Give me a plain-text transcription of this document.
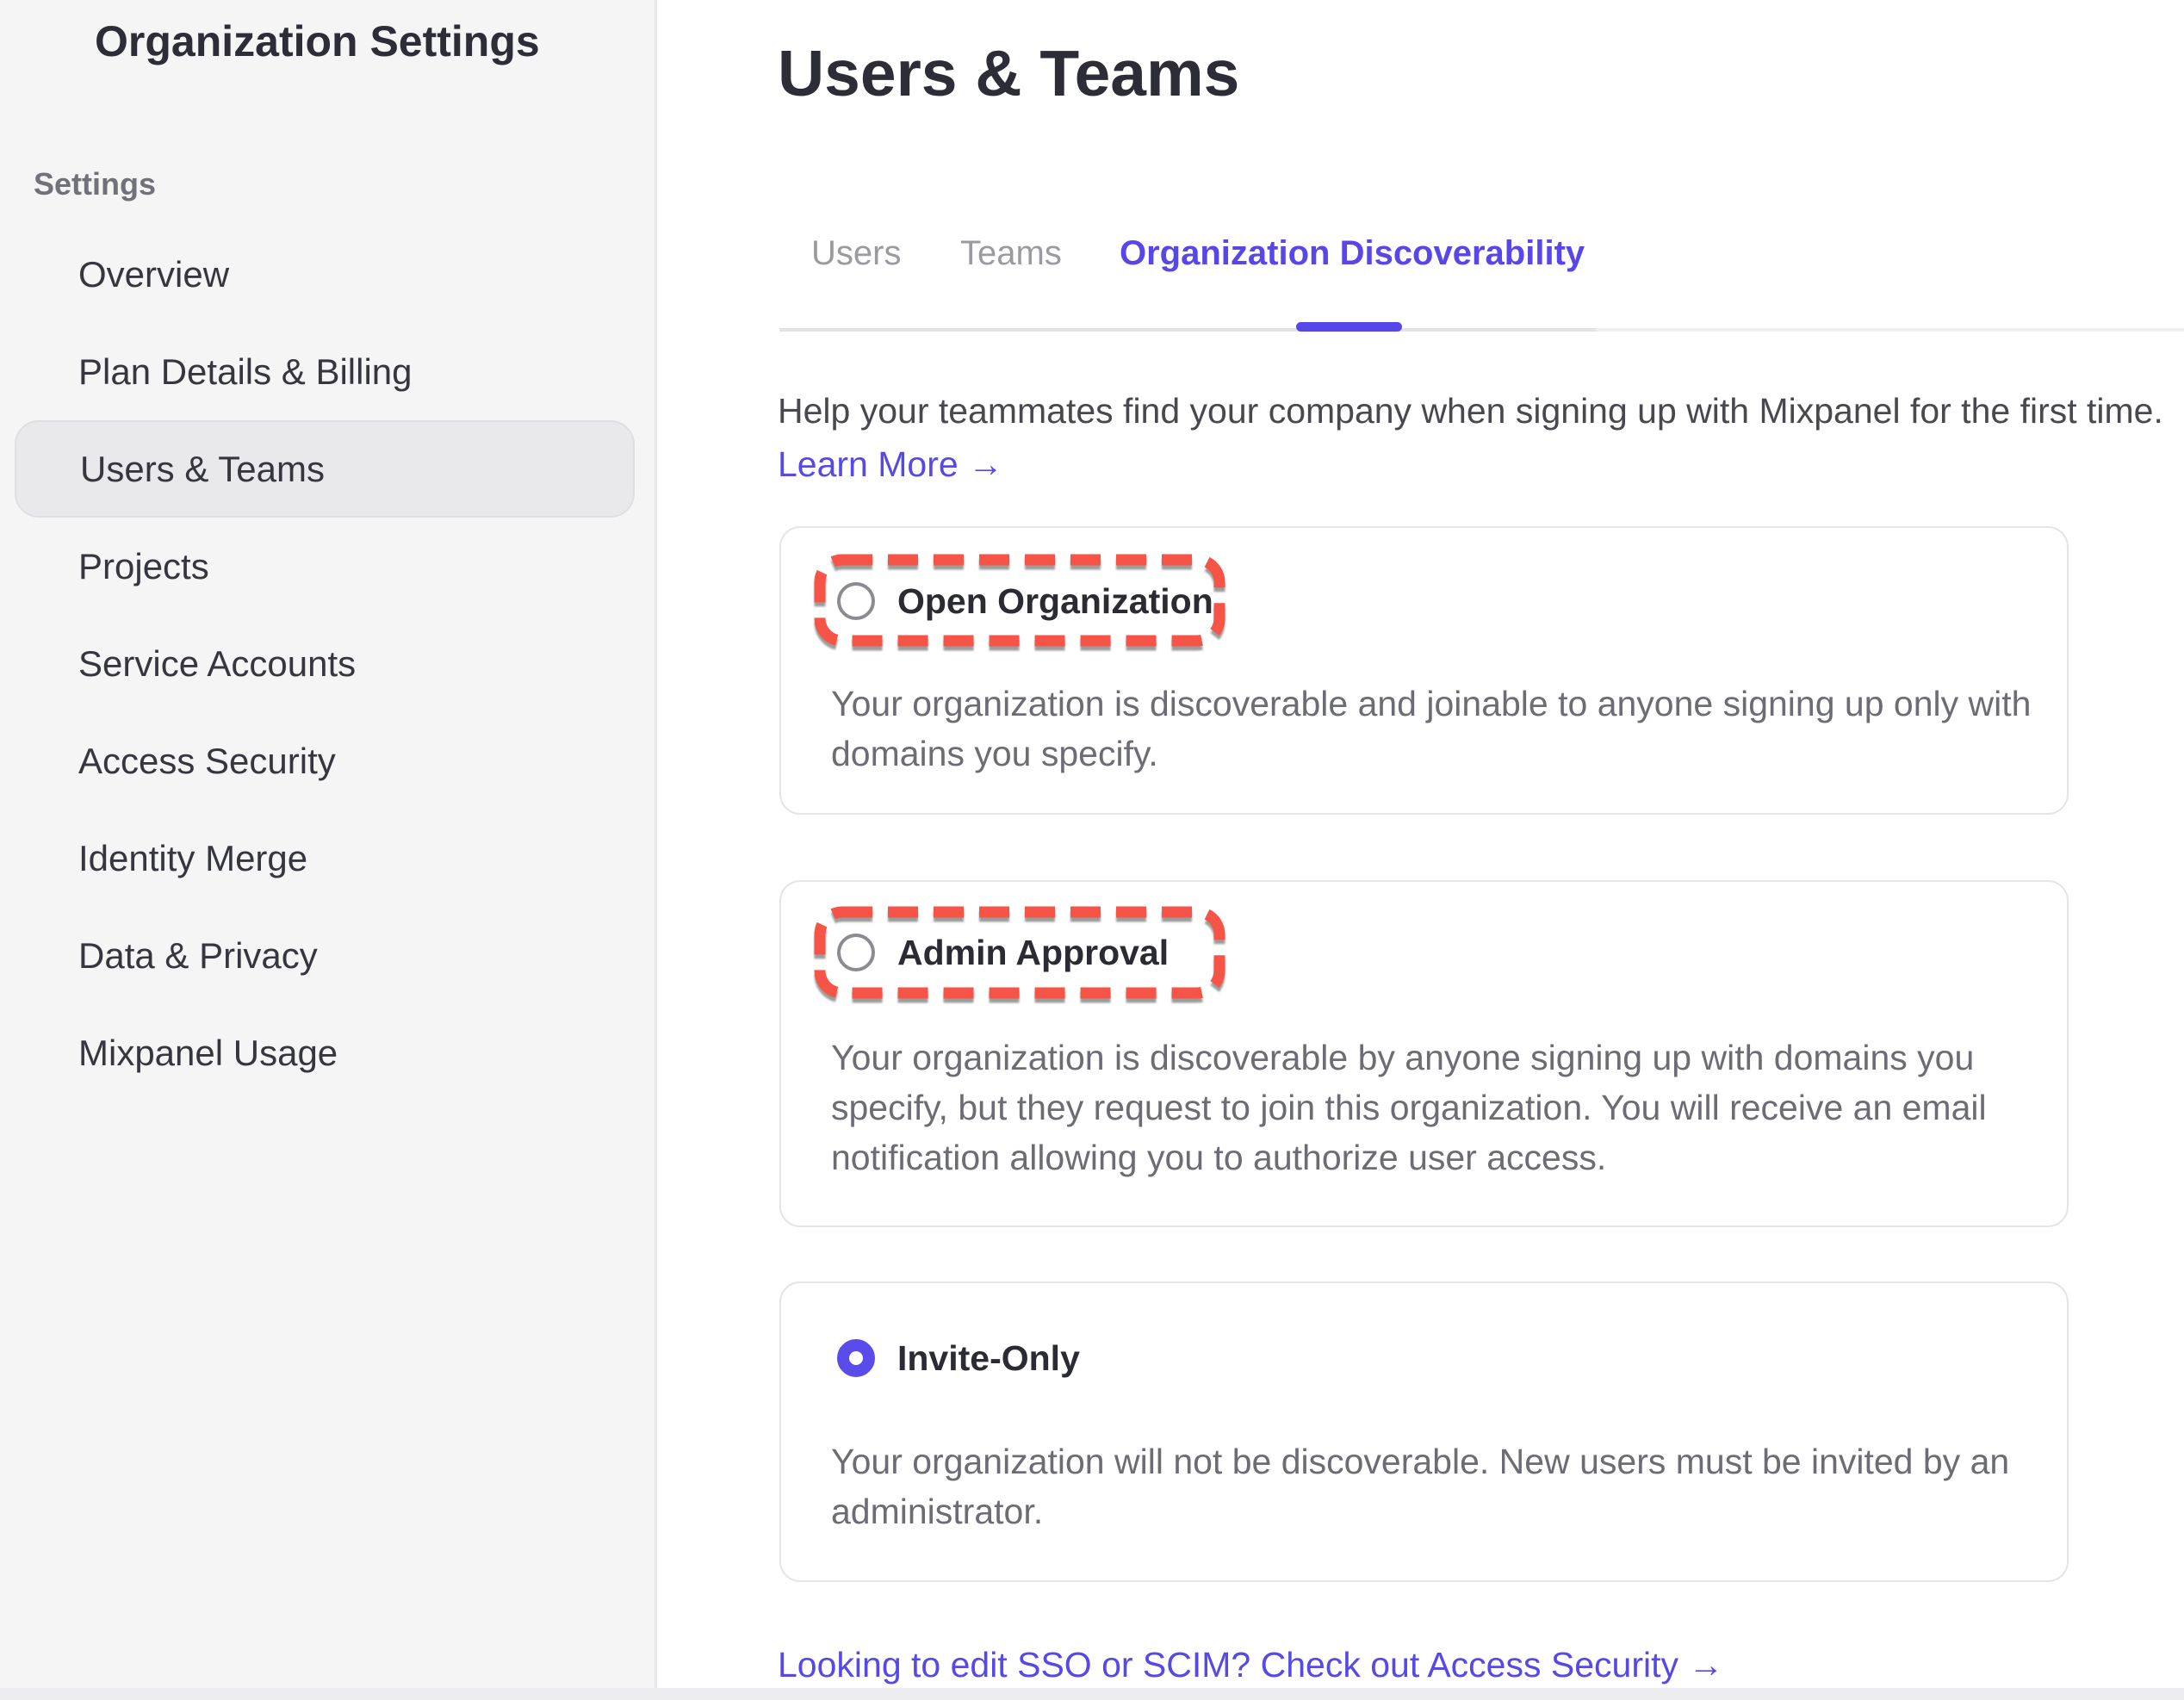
Organization Settings
Settings
Overview
Plan Details & Billing
Users & Teams
Projects
Service Accounts
Access Security
Identity Merge
Data & Privacy
Mixpanel Usage
Users & Teams
Users Teams Organization Discoverability
Help your teammates find your company when signing up with Mixpanel for the first time.
Learn More →
Open Organization
Your organization is discoverable and joinable to anyone signing up only with
domains you specify.
Admin Approval
Your organization is discoverable by anyone signing up with domains you
specify, but they request to join this organization. You will receive an email
notification allowing you to authorize user access.
Invite-Only
Your organization will not be discoverable. New users must be invited by an
administrator.
Looking to edit SSO or SCIM? Check out Access Security →
